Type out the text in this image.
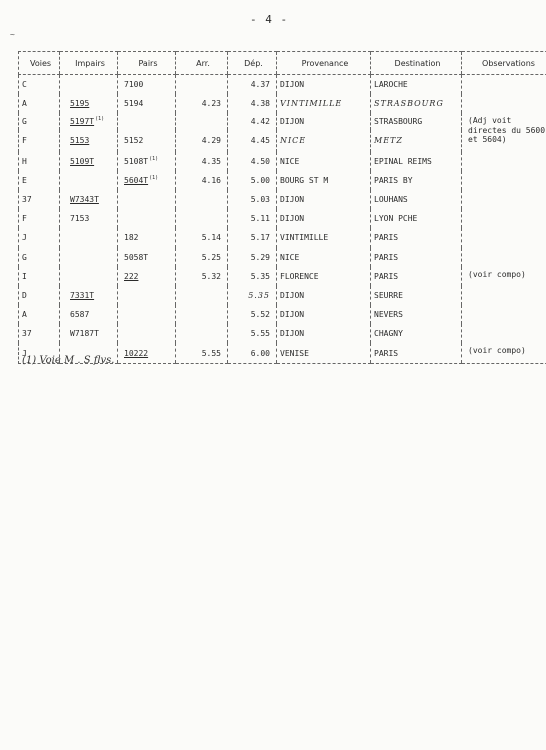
- 4 -
~
Voies	Impairs	Pairs	Arr.	Dép.	Provenance	Destination	Observations
C		7100		4.37	DIJON	LAROCHE	
A	5195	5194	4.23	4.38	VINTIMILLE	STRASBOURG	
G	$5197T^{(1)}$			4.42	DIJON	STRASBOURG	(Adj voit directes du 5600 et 5604)
F	5153	5152	4.29	4.45	NICE	METZ	
H	5109T	$5108T^{(1)}$	4.35	4.50	NICE	EPINAL REIMS	
E		$5604T^{(1)}$	4.16	5.00	BOURG ST M	PARIS BY	
37	W7343T			5.03	DIJON	LOUHANS	
F	7153			5.11	DIJON	LYON PCHE	
J		182	5.14	5.17	VINTIMILLE	PARIS	
G		5058T	5.25	5.29	NICE	PARIS	
I		222	5.32	5.35	FLORENCE	PARIS	(voir compo)
D	7331T			5.35	DIJON	SEURRE	
A	6587			5.52	DIJON	NEVERS	
37	W7187T			5.55	DIJON	CHAGNY	
J		10222	5.55	6.00	VENISE	PARIS	(voir compo)
(1) Voie M . S flvs.
